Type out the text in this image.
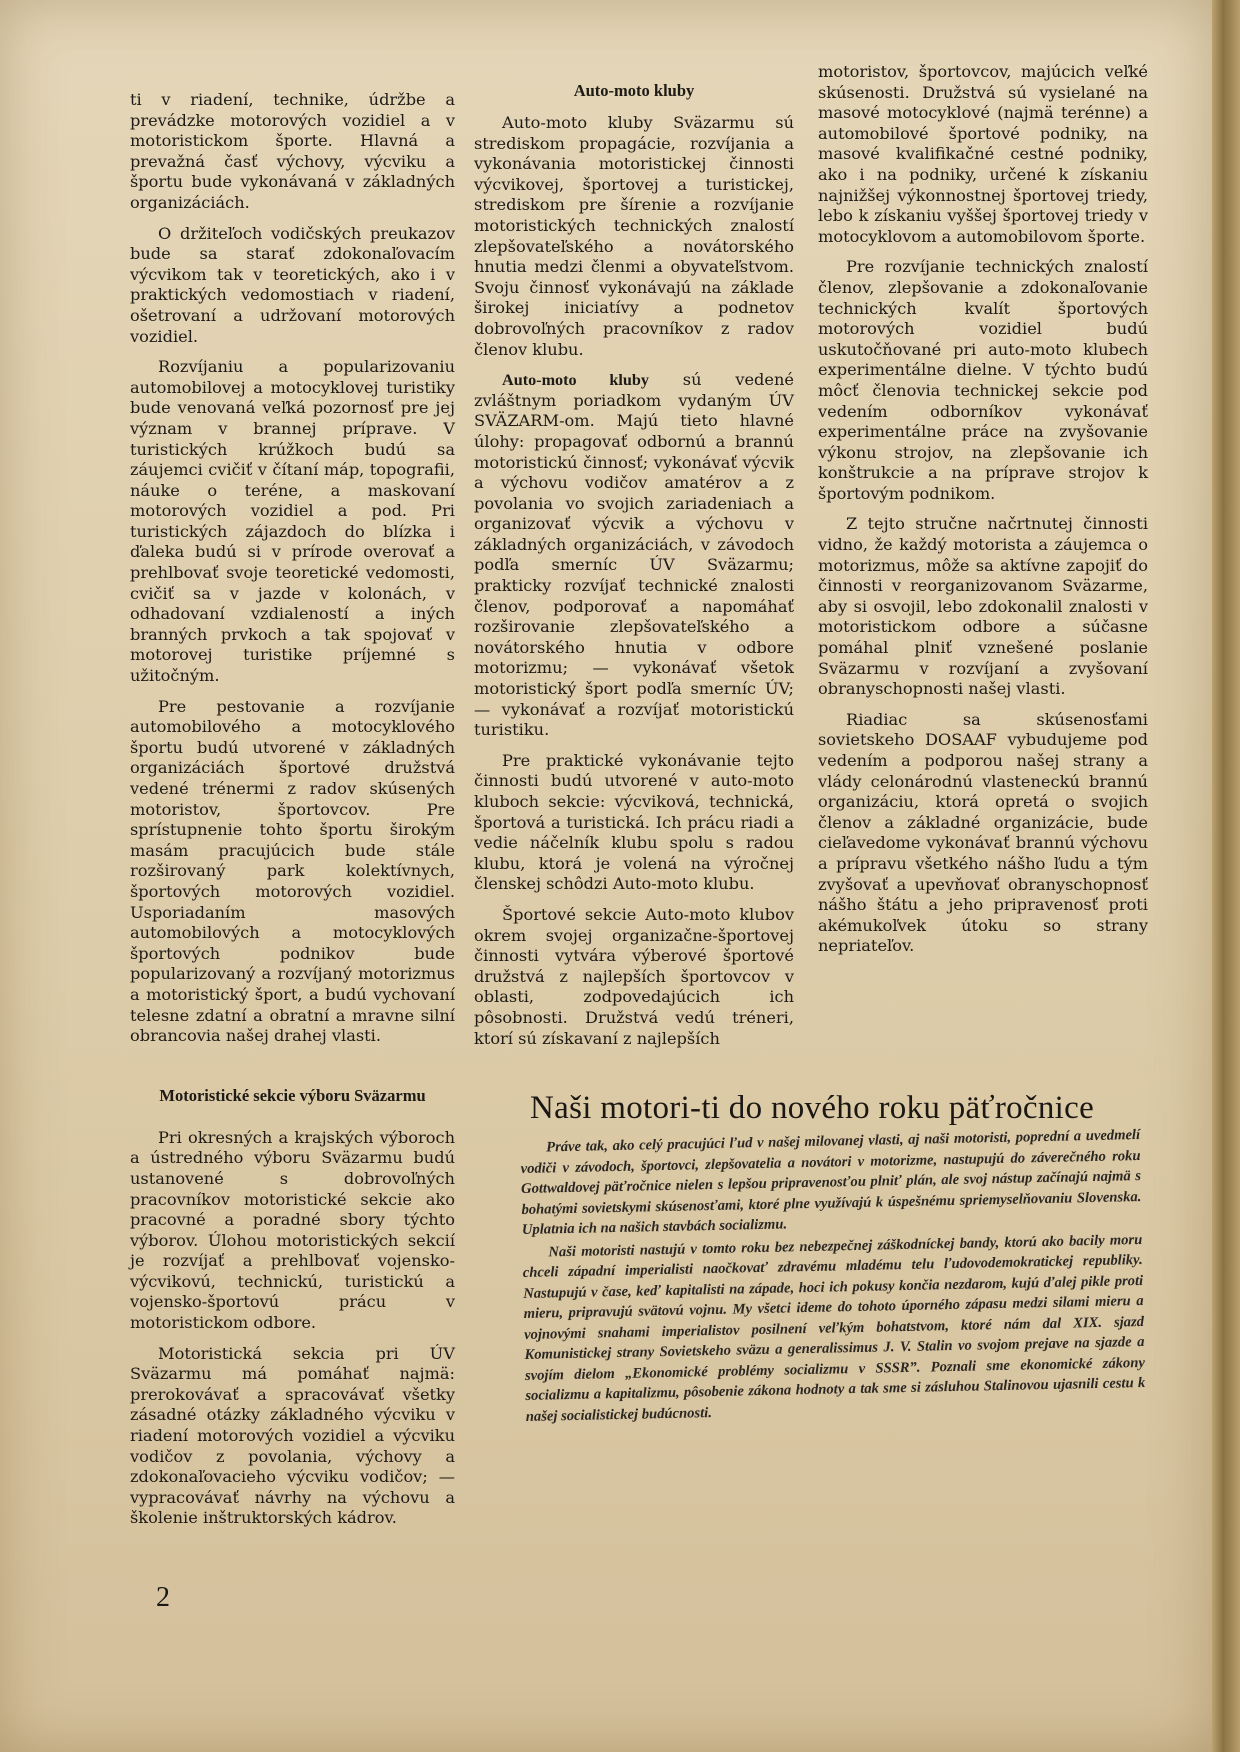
ti v riadení, technike, údržbe a prevádzke motorových vozidiel a v motoristickom športe. Hlavná a prevažná časť výchovy, výcviku a športu bude vykonávaná v základných organizáciách.

O držiteľoch vodičských preukazov bude sa starať zdokonaľovacím výcvikom tak v teoretických, ako i v praktických vedomostiach v riadení, ošetrovaní a udržovaní motorových vozidiel.

Rozvíjaniu a popularizovaniu automobilovej a motocyklovej turistiky bude venovaná veľká pozornosť pre jej význam v brannej príprave. V turistických krúžkoch budú sa záujemci cvičiť v čítaní máp, topografii, náuke o teréne, a maskovaní motorových vozidiel a pod. Pri turistických zájazdoch do blízka i ďaleka budú si v prírode overovať a prehlbovať svoje teoretické vedomosti, cvičiť sa v jazde v kolonách, v odhadovaní vzdialeností a iných branných prvkoch a tak spojovať v motorovej turistike príjemné s užitočným.

Pre pestovanie a rozvíjanie automobilového a motocyklového športu budú utvorené v základných organizáciách športové družstvá vedené trénermi z radov skúsených motoristov, športovcov. Pre sprístupnenie tohto športu širokým masám pracujúcich bude stále rozširovaný park kolektívnych, športových motorových vozidiel. Usporiadaním masových automobilových a motocyklových športových podnikov bude popularizovaný a rozvíjaný motorizmus a motoristický šport, a budú vychovaní telesne zdatní a obratní a mravne silní obrancovia našej drahej vlasti.

Motoristické sekcie výboru Sväzarmu

Pri okresných a krajských výboroch a ústredného výboru Sväzarmu budú ustanovené s dobrovoľných pracovníkov motoristické sekcie ako pracovné a poradné sbory týchto výborov. Úlohou motoristických sekcií je rozvíjať a prehlbovať vojensko-výcvikovú, technickú, turistickú a vojensko-športovú prácu v motoristickom odbore.

Motoristická sekcia pri ÚV Sväzarmu má pomáhať najmä: prerokovávať a spracovávať všetky zásadné otázky základného výcviku v riadení motorových vozidiel a výcviku vodičov z povolania, výchovy a zdokonaľovacieho výcviku vodičov; — vypracovávať návrhy na výchovu a školenie inštruktorských kádrov.

Auto-moto kluby

Auto-moto kluby Sväzarmu sú strediskom propagácie, rozvíjania a vykonávania motoristickej činnosti výcvikovej, športovej a turistickej, strediskom pre šírenie a rozvíjanie motoristických technických znalostí zlepšovateľského a novátorského hnutia medzi členmi a obyvateľstvom. Svoju činnosť vykonávajú na základe širokej iniciatívy a podnetov dobrovoľných pracovníkov z radov členov klubu.

Auto-moto kluby sú vedené zvláštnym poriadkom vydaným ÚV SVÄZARM-om. Majú tieto hlavné úlohy: propagovať odbornú a brannú motoristickú činnosť; vykonávať výcvik a výchovu vodičov amatérov a z povolania vo svojich zariadeniach a organizovať výcvik a výchovu v základných organizáciách, v závodoch podľa smerníc ÚV Sväzarmu; prakticky rozvíjať technické znalosti členov, podporovať a napomáhať rozširovanie zlepšovateľského a novátorského hnutia v odbore motorizmu; — vykonávať všetok motoristický šport podľa smerníc ÚV; — vykonávať a rozvíjať motoristickú turistiku.

Pre praktické vykonávanie tejto činnosti budú utvorené v auto-moto kluboch sekcie: výcviková, technická, športová a turistická. Ich prácu riadi a vedie náčelník klubu spolu s radou klubu, ktorá je volená na výročnej členskej schôdzi Auto-moto klubu.

Športové sekcie Auto-moto klubov okrem svojej organizačne-športovej činnosti vytvára výberové športové družstvá z najlepších športovcov v oblasti, zodpovedajúcich ich pôsobnosti. Družstvá vedú tréneri, ktorí sú získavaní z najlepších

motoristov, športovcov, majúcich veľké skúsenosti. Družstvá sú vysielané na masové motocyklové (najmä terénne) a automobilové športové podniky, na masové kvalifikačné cestné podniky, ako i na podniky, určené k získaniu najnižšej výkonnostnej športovej triedy, lebo k získaniu vyššej športovej triedy v motocyklovom a automobilovom športe.

Pre rozvíjanie technických znalostí členov, zlepšovanie a zdokonaľovanie technických kvalít športových motorových vozidiel budú uskutočňované pri auto-moto klubech experimentálne dielne. V týchto budú môcť členovia technickej sekcie pod vedením odborníkov vykonávať experimentálne práce na zvyšovanie výkonu strojov, na zlepšovanie ich konštrukcie a na príprave strojov k športovým podnikom.

Z tejto stručne načrtnutej činnosti vidno, že každý motorista a záujemca o motorizmus, môže sa aktívne zapojiť do činnosti v reorganizovanom Sväzarme, aby si osvojil, lebo zdokonalil znalosti v motoristickom odbore a súčasne pomáhal plniť vznešené poslanie Sväzarmu v rozvíjaní a zvyšovaní obranyschopnosti našej vlasti.

Riadiac sa skúsenosťami sovietskeho DOSAAF vybudujeme pod vedením a podporou našej strany a vlády celonárodnú vlasteneckú brannú organizáciu, ktorá opretá o svojich členov a základné organizácie, bude cieľavedome vykonávať brannú výchovu a prípravu všetkého nášho ľudu a tým zvyšovať a upevňovať obranyschopnosť nášho štátu a jeho pripravenosť proti akémukoľvek útoku so strany nepriateľov.

Naši motori-ti do nového roku päťročnice

Práve tak, ako celý pracujúci ľud v našej milovanej vlasti, aj naši motoristi, poprední a uvedmelí vodiči v závodoch, športovci, zlepšovatelia a novátori v motorizme, nastupujú do záverečného roku Gottwaldovej päťročnice nielen s lepšou pripravenosťou plniť plán, ale svoj nástup začínajú najmä s bohatými sovietskymi skúsenosťami, ktoré plne využívajú k úspešnému spriemyselňovaniu Slovenska. Uplatnia ich na našich stavbách socializmu.

Naši motoristi nastujú v tomto roku bez nebezpečnej záškodníckej bandy, ktorú ako bacily moru chceli západní imperialisti naočkovať zdravému mladému telu ľudovodemokratickej republiky. Nastupujú v čase, keď kapitalisti na západe, hoci ich pokusy končia nezdarom, kujú ďalej pikle proti mieru, pripravujú svätovú vojnu. My všetci ideme do tohoto úporného zápasu medzi silami mieru a vojnovými snahami imperialistov posilnení veľkým bohatstvom, ktoré nám dal XIX. sjazd Komunistickej strany Sovietskeho sväzu a generalissimus J. V. Stalin vo svojom prejave na sjazde a svojím dielom „Ekonomické problémy socializmu v SSSR”. Poznali sme ekonomické zákony socializmu a kapitalizmu, pôsobenie zákona hodnoty a tak sme si zásluhou Stalinovou ujasnili cestu k našej socialistickej budúcnosti.

2
